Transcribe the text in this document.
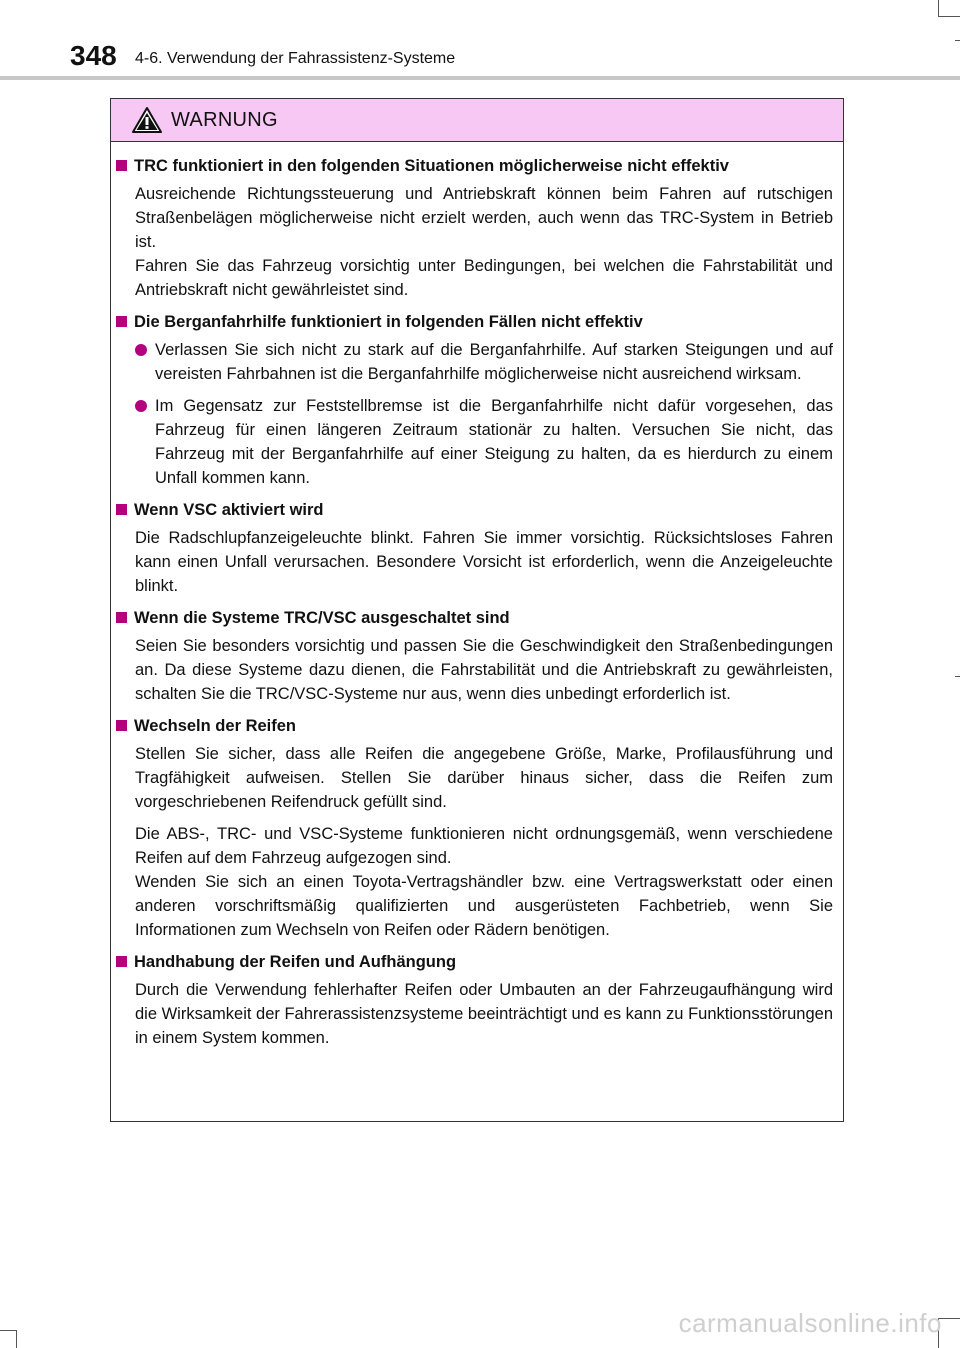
348 4-6. Verwendung der Fahrassistenz-Systeme
WARNUNG
TRC funktioniert in den folgenden Situationen möglicherweise nicht effektiv

Ausreichende Richtungssteuerung und Antriebskraft können beim Fahren auf rutschigen Straßenbelägen möglicherweise nicht erzielt werden, auch wenn das TRC-System in Betrieb ist.

Fahren Sie das Fahrzeug vorsichtig unter Bedingungen, bei welchen die Fahrstabilität und Antriebskraft nicht gewährleistet sind.

Die Berganfahrhilfe funktioniert in folgenden Fällen nicht effektiv
Verlassen Sie sich nicht zu stark auf die Berganfahrhilfe. Auf starken Steigungen und auf vereisten Fahrbahnen ist die Berganfahrhilfe möglicherweise nicht ausreichend wirksam.
Im Gegensatz zur Feststellbremse ist die Berganfahrhilfe nicht dafür vorgesehen, das Fahrzeug für einen längeren Zeitraum stationär zu halten. Versuchen Sie nicht, das Fahrzeug mit der Berganfahrhilfe auf einer Steigung zu halten, da es hierdurch zu einem Unfall kommen kann.
Wenn VSC aktiviert wird

Die Radschlupfanzeigeleuchte blinkt. Fahren Sie immer vorsichtig. Rücksichtsloses Fahren kann einen Unfall verursachen. Besondere Vorsicht ist erforderlich, wenn die Anzeigeleuchte blinkt.

Wenn die Systeme TRC/VSC ausgeschaltet sind

Seien Sie besonders vorsichtig und passen Sie die Geschwindigkeit den Straßenbedingungen an. Da diese Systeme dazu dienen, die Fahrstabilität und die Antriebskraft zu gewährleisten, schalten Sie die TRC/VSC-Systeme nur aus, wenn dies unbedingt erforderlich ist.

Wechseln der Reifen

Stellen Sie sicher, dass alle Reifen die angegebene Größe, Marke, Profilausführung und Tragfähigkeit aufweisen. Stellen Sie darüber hinaus sicher, dass die Reifen zum vorgeschriebenen Reifendruck gefüllt sind.

Die ABS-, TRC- und VSC-Systeme funktionieren nicht ordnungsgemäß, wenn verschiedene Reifen auf dem Fahrzeug aufgezogen sind.

Wenden Sie sich an einen Toyota-Vertragshändler bzw. eine Vertragswerkstatt oder einen anderen vorschriftsmäßig qualifizierten und ausgerüsteten Fachbetrieb, wenn Sie Informationen zum Wechseln von Reifen oder Rädern benötigen.

Handhabung der Reifen und Aufhängung

Durch die Verwendung fehlerhafter Reifen oder Umbauten an der Fahrzeugaufhängung wird die Wirksamkeit der Fahrerassistenzsysteme beeinträchtigt und es kann zu Funktionsstörungen in einem System kommen.

carmanualsonline.info
